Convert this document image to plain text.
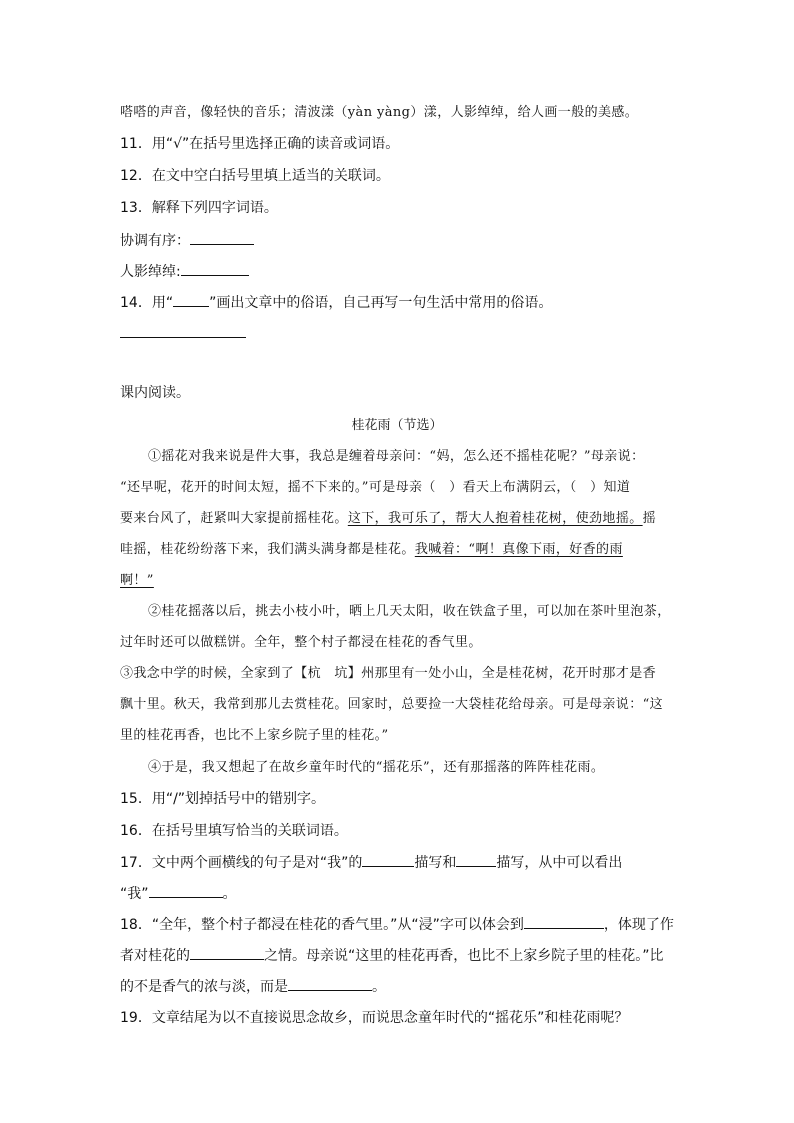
嗒嗒的声音，像轻快的音乐；清波漾（yàn yàng）漾，人影绰绰，给人画一般的美感。
11．用“√”在括号里选择正确的读音或词语。
12．在文中空白括号里填上适当的关联词。
13．解释下列四字词语。
协调有序：
人影绰绰:
14．用“	”画出文章中的俗语，自己再写一句生活中常用的俗语。
课内阅读。
桂花雨（节选）
①摇花对我来说是件大事，我总是缠着母亲问：“妈，怎么还不摇桂花呢？”母亲说：
“还早呢，花开的时间太短，摇不下来的。”可是母亲（　）看天上布满阴云，（　）知道
要来台风了，赶紧叫大家提前摇桂花。这下，我可乐了，帮大人抱着桂花树，使劲地摇。摇
哇摇，桂花纷纷落下来，我们满头满身都是桂花。我喊着：“啊！真像下雨，好香的雨
啊！”
②桂花摇落以后，挑去小枝小叶，晒上几天太阳，收在铁盒子里，可以加在茶叶里泡茶，
过年时还可以做糕饼。全年，整个村子都浸在桂花的香气里。
③我念中学的时候，全家到了【杭　坑】州那里有一处小山，全是桂花树，花开时那才是香
飘十里。秋天，我常到那儿去赏桂花。回家时，总要捡一大袋桂花给母亲。可是母亲说：“这
里的桂花再香，也比不上家乡院子里的桂花。”
④于是，我又想起了在故乡童年时代的“摇花乐”，还有那摇落的阵阵桂花雨。
15．用“/”划掉括号中的错别字。
16．在括号里填写恰当的关联词语。
17．文中两个画横线的句子是对“我”的	描写和	描写，从中可以看出
“我”	。
18．“全年，整个村子都浸在桂花的香气里。”从“浸”字可以体会到	，体现了作
者对桂花的	之情。母亲说“这里的桂花再香，也比不上家乡院子里的桂花。”比
的不是香气的浓与淡，而是	。
19．文章结尾为以不直接说思念故乡，而说思念童年时代的“摇花乐”和桂花雨呢？
